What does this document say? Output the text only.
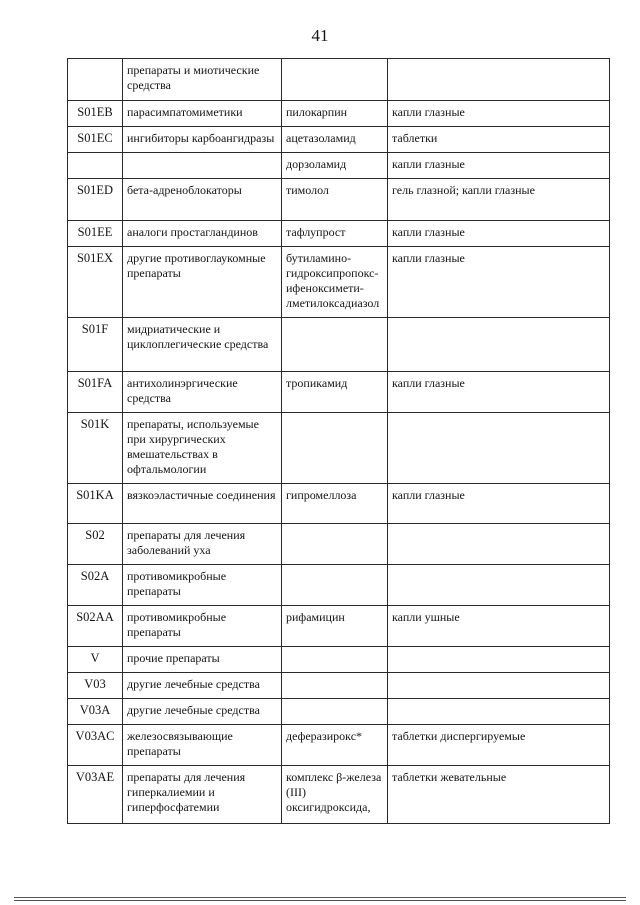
41
	препараты и миотические средства		
S01EB	парасимпатомиметики	пилокарпин	капли глазные
S01EC	ингибиторы карбоангидразы	ацетазоламид	таблетки
		дорзоламид	капли глазные
S01ED	бета-адреноблокаторы	тимолол	гель глазной; капли глазные
S01EE	аналоги простагландинов	тафлупрост	капли глазные
S01EX	другие противоглаукомные препараты	бутиламино-
гидроксипропокс-
ифеноксимети-
лметилоксадиазол	капли глазные
S01F	мидриатические и циклоплегические средства		
S01FA	антихолинэргические средства	тропикамид	капли глазные
S01K	препараты, используемые при хирургических вмешательствах в офтальмологии		
S01KA	вязкоэластичные соединения	гипромеллоза	капли глазные
S02	препараты для лечения заболеваний уха		
S02A	противомикробные препараты		
S02AA	противомикробные препараты	рифамицин	капли ушные
V	прочие препараты		
V03	другие лечебные средства		
V03A	другие лечебные средства		
V03AC	железосвязывающие препараты	деферазирокс*	таблетки диспергируемые
V03AE	препараты для лечения гиперкалиемии и гиперфосфатемии	комплекс β-железа (III) оксигидроксида,	таблетки жевательные
